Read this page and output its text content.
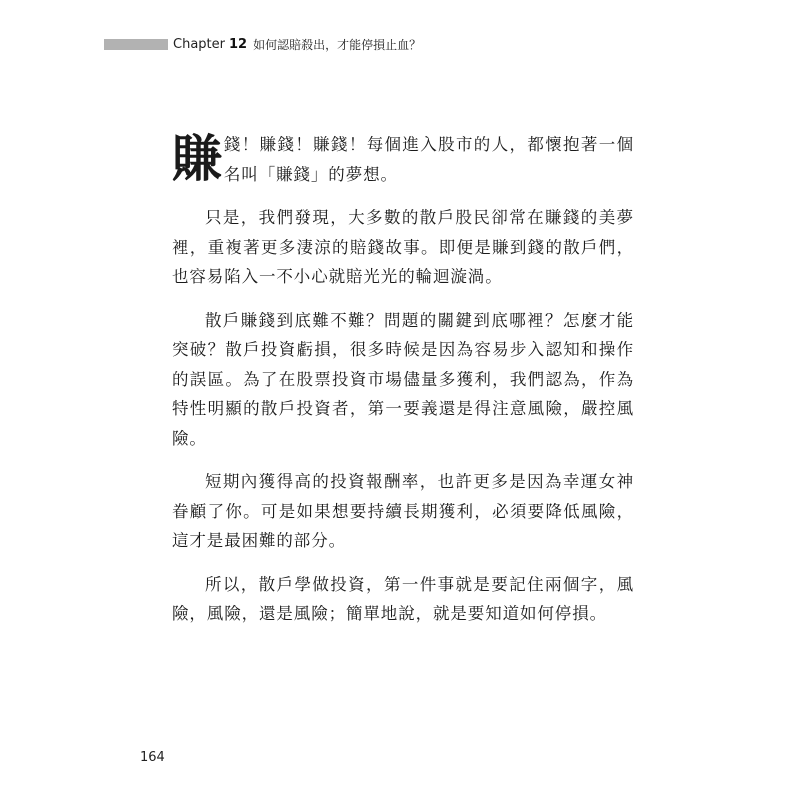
Chapter 12 如何認賠殺出，才能停損止血？
賺 錢！賺錢！賺錢！每個進入股市的人，都懷抱著一個名叫「賺錢」的夢想。

只是，我們發現，大多數的散戶股民卻常在賺錢的美夢裡，重複著更多淒涼的賠錢故事。即便是賺到錢的散戶們，也容易陷入一不小心就賠光光的輪迴漩渦。

散戶賺錢到底難不難？問題的關鍵到底哪裡？怎麼才能突破？散戶投資虧損，很多時候是因為容易步入認知和操作的誤區。為了在股票投資市場儘量多獲利，我們認為，作為特性明顯的散戶投資者，第一要義還是得注意風險，嚴控風險。

短期內獲得高的投資報酬率，也許更多是因為幸運女神眷顧了你。可是如果想要持續長期獲利，必須要降低風險，這才是最困難的部分。

所以，散戶學做投資，第一件事就是要記住兩個字，風險，風險，還是風險；簡單地說，就是要知道如何停損。

164
